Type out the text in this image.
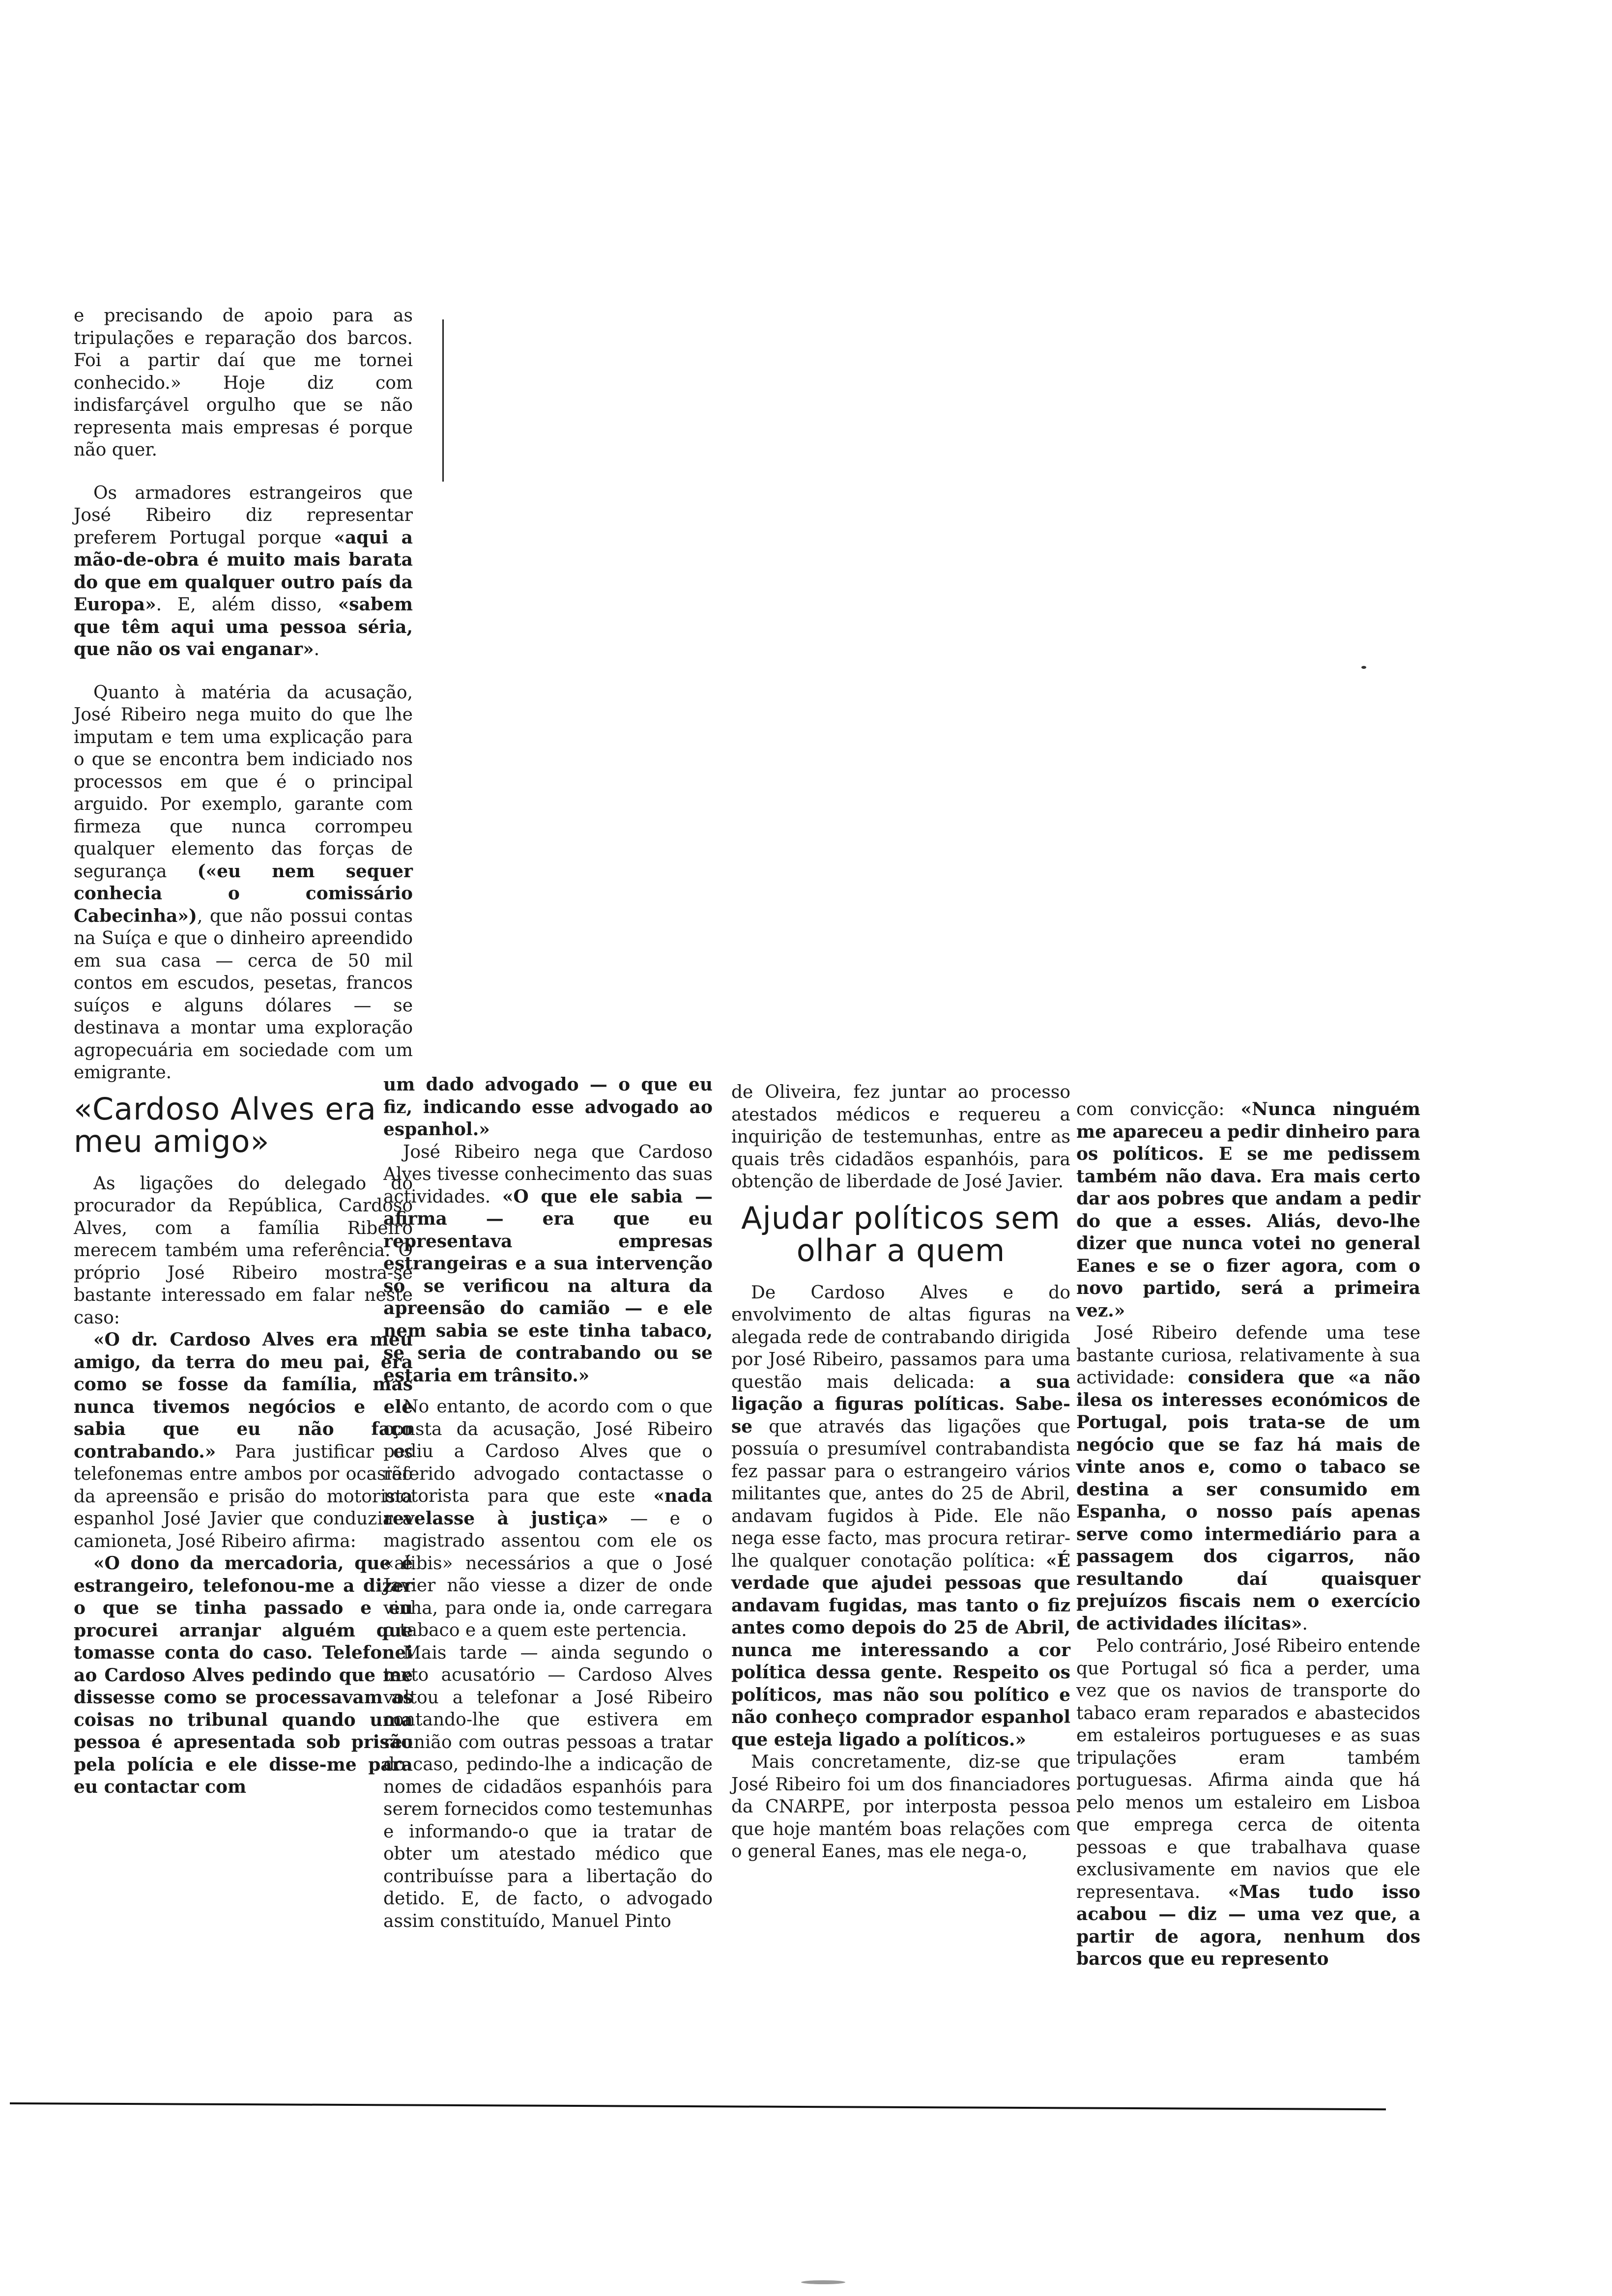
e precisando de apoio para as tripulações e reparação dos barcos. Foi a partir daí que me tornei conhecido.» Hoje diz com indisfarçável orgulho que se não representa mais empresas é porque não quer.

Os armadores estrangeiros que José Ribeiro diz representar preferem Portugal porque «aqui a mão-de-obra é muito mais barata do que em qualquer outro país da Europa». E, além disso, «sabem que têm aqui uma pessoa séria, que não os vai enganar».

Quanto à matéria da acusação, José Ribeiro nega muito do que lhe imputam e tem uma explicação para o que se encontra bem indiciado nos processos em que é o principal arguido. Por exemplo, garante com firmeza que nunca corrompeu qualquer elemento das forças de segurança («eu nem sequer conhecia o comissário Cabecinha»), que não possui contas na Suíça e que o dinheiro apreendido em sua casa — cerca de 50 mil contos em escudos, pesetas, francos suíços e alguns dólares — se destinava a montar uma exploração agropecuária em sociedade com um emigrante.

«Cardoso Alves era meu amigo»

As ligações do delegado do procurador da República, Cardoso Alves, com a família Ribeiro merecem também uma referência. O próprio José Ribeiro mostra-se bastante interessado em falar neste caso:

«O dr. Cardoso Alves era meu amigo, da terra do meu pai, era como se fosse da família, mas nunca tivemos negócios e ele sabia que eu não faço contrabando.» Para justificar os telefonemas entre ambos por ocasião da apreensão e prisão do motorista espanhol José Javier que conduzia a camioneta, José Ribeiro afirma:

«O dono da mercadoria, que é estrangeiro, telefonou-me a dizer o que se tinha passado e eu procurei arranjar alguém que tomasse conta do caso. Telefonei ao Cardoso Alves pedindo que me dissesse como se processavam as coisas no tribunal quando uma pessoa é apresentada sob prisão pela polícia e ele disse-me para eu contactar com

um dado advogado — o que eu fiz, indicando esse advogado ao espanhol.»

José Ribeiro nega que Cardoso Alves tivesse conhecimento das suas actividades. «O que ele sabia — afirma — era que eu representava empresas estrangeiras e a sua intervenção só se verificou na altura da apreensão do camião — e ele nem sabia se este tinha tabaco, se seria de contrabando ou se estaria em trânsito.»

No entanto, de acordo com o que consta da acusação, José Ribeiro pediu a Cardoso Alves que o referido advogado contactasse o motorista para que este «nada revelasse à justiça» — e o magistrado assentou com ele os «alibis» necessários a que o José Javier não viesse a dizer de onde vinha, para onde ia, onde carregara o tabaco e a quem este pertencia.

Mais tarde — ainda segundo o texto acusatório — Cardoso Alves voltou a telefonar a José Ribeiro contando-lhe que estivera em reunião com outras pessoas a tratar do caso, pedindo-lhe a indicação de nomes de cidadãos espanhóis para serem fornecidos como testemunhas e informando-o que ia tratar de obter um atestado médico que contribuísse para a libertação do detido. E, de facto, o advogado assim constituído, Manuel Pinto

de Oliveira, fez juntar ao processo atestados médicos e requereu a inquirição de testemunhas, entre as quais três cidadãos espanhóis, para obtenção de liberdade de José Javier.

Ajudar políticos sem olhar a quem

De Cardoso Alves e do envolvimento de altas figuras na alegada rede de contrabando dirigida por José Ribeiro, passamos para uma questão mais delicada: a sua ligação a figuras políticas. Sabe-se que através das ligações que possuía o presumível contrabandista fez passar para o estrangeiro vários militantes que, antes do 25 de Abril, andavam fugidos à Pide. Ele não nega esse facto, mas procura retirar-lhe qualquer conotação política: «É verdade que ajudei pessoas que andavam fugidas, mas tanto o fiz antes como depois do 25 de Abril, nunca me interessando a cor política dessa gente. Respeito os políticos, mas não sou político e não conheço comprador espanhol que esteja ligado a políticos.»

Mais concretamente, diz-se que José Ribeiro foi um dos financiadores da CNARPE, por interposta pessoa que hoje mantém boas relações com o general Eanes, mas ele nega-o,

com convicção: «Nunca ninguém me apareceu a pedir dinheiro para os políticos. E se me pedissem também não dava. Era mais certo dar aos pobres que andam a pedir do que a esses. Aliás, devo-lhe dizer que nunca votei no general Eanes e se o fizer agora, com o novo partido, será a primeira vez.»

José Ribeiro defende uma tese bastante curiosa, relativamente à sua actividade: considera que «a não ilesa os interesses económicos de Portugal, pois trata-se de um negócio que se faz há mais de vinte anos e, como o tabaco se destina a ser consumido em Espanha, o nosso país apenas serve como intermediário para a passagem dos cigarros, não resultando daí quaisquer prejuízos fiscais nem o exercício de actividades ilícitas».

Pelo contrário, José Ribeiro entende que Portugal só fica a perder, uma vez que os navios de transporte do tabaco eram reparados e abastecidos em estaleiros portugueses e as suas tripulações eram também portuguesas. Afirma ainda que há pelo menos um estaleiro em Lisboa que emprega cerca de oitenta pessoas e que trabalhava quase exclusivamente em navios que ele representava. «Mas tudo isso acabou — diz — uma vez que, a partir de agora, nenhum dos barcos que eu represento
